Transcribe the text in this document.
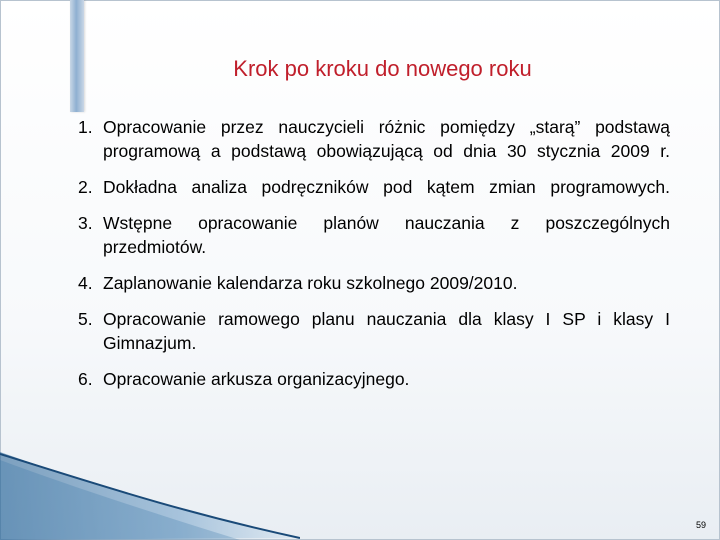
Krok po kroku do nowego roku
1. Opracowanie przez nauczycieli różnic pomiędzy „starą” podstawą programową a podstawą obowiązującą od dnia 30 stycznia 2009 r.
2. Dokładna analiza podręczników pod kątem zmian programowych.
3. Wstępne opracowanie planów nauczania z poszczególnych przedmiotów.
4. Zaplanowanie kalendarza roku szkolnego 2009/2010.
5. Opracowanie ramowego planu nauczania dla klasy I SP i klasy I Gimnazjum.
6. Opracowanie arkusza organizacyjnego.
59
